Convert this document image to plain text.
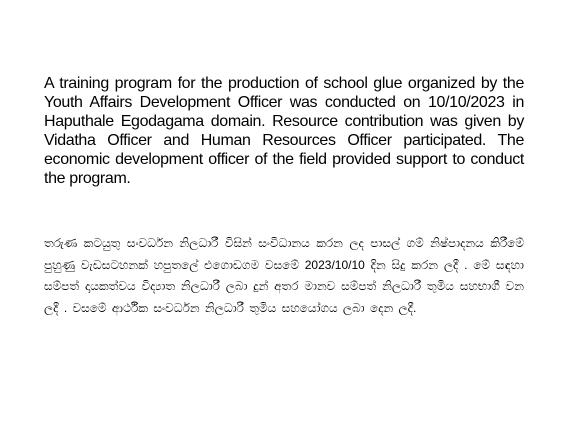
A training program for the production of school glue organized by the Youth Affairs Development Officer was conducted on 10/10/2023 in Haputhale Egodagama domain. Resource contribution was given by Vidatha Officer and Human Resources Officer participated. The economic development officer of the field provided support to conduct the program.

තරුණ කටයුතු සංවර්ධන නිලධාරී විසින් සංවිධානය කරන ලද පාසල් ගම් නිෂ්පාදනය කිරීමේ පුහුණු වැඩසටහනක් හපුතලේ එගොඩගම වසමේ 2023/10/10 දින සිදු කරන ලදී . මේ සඳහා සම්පත් දායකත්වය විද්‍යාත නිලධාරී ලබා දුන් අතර මානව සම්පත් නිලධාරී තුමිය සහභාගී වන ලදී . වසමේ ආර්ථික සංවර්ධන නිලධාරී තුමිය සහයෝගය ලබා දෙන ලදී.
